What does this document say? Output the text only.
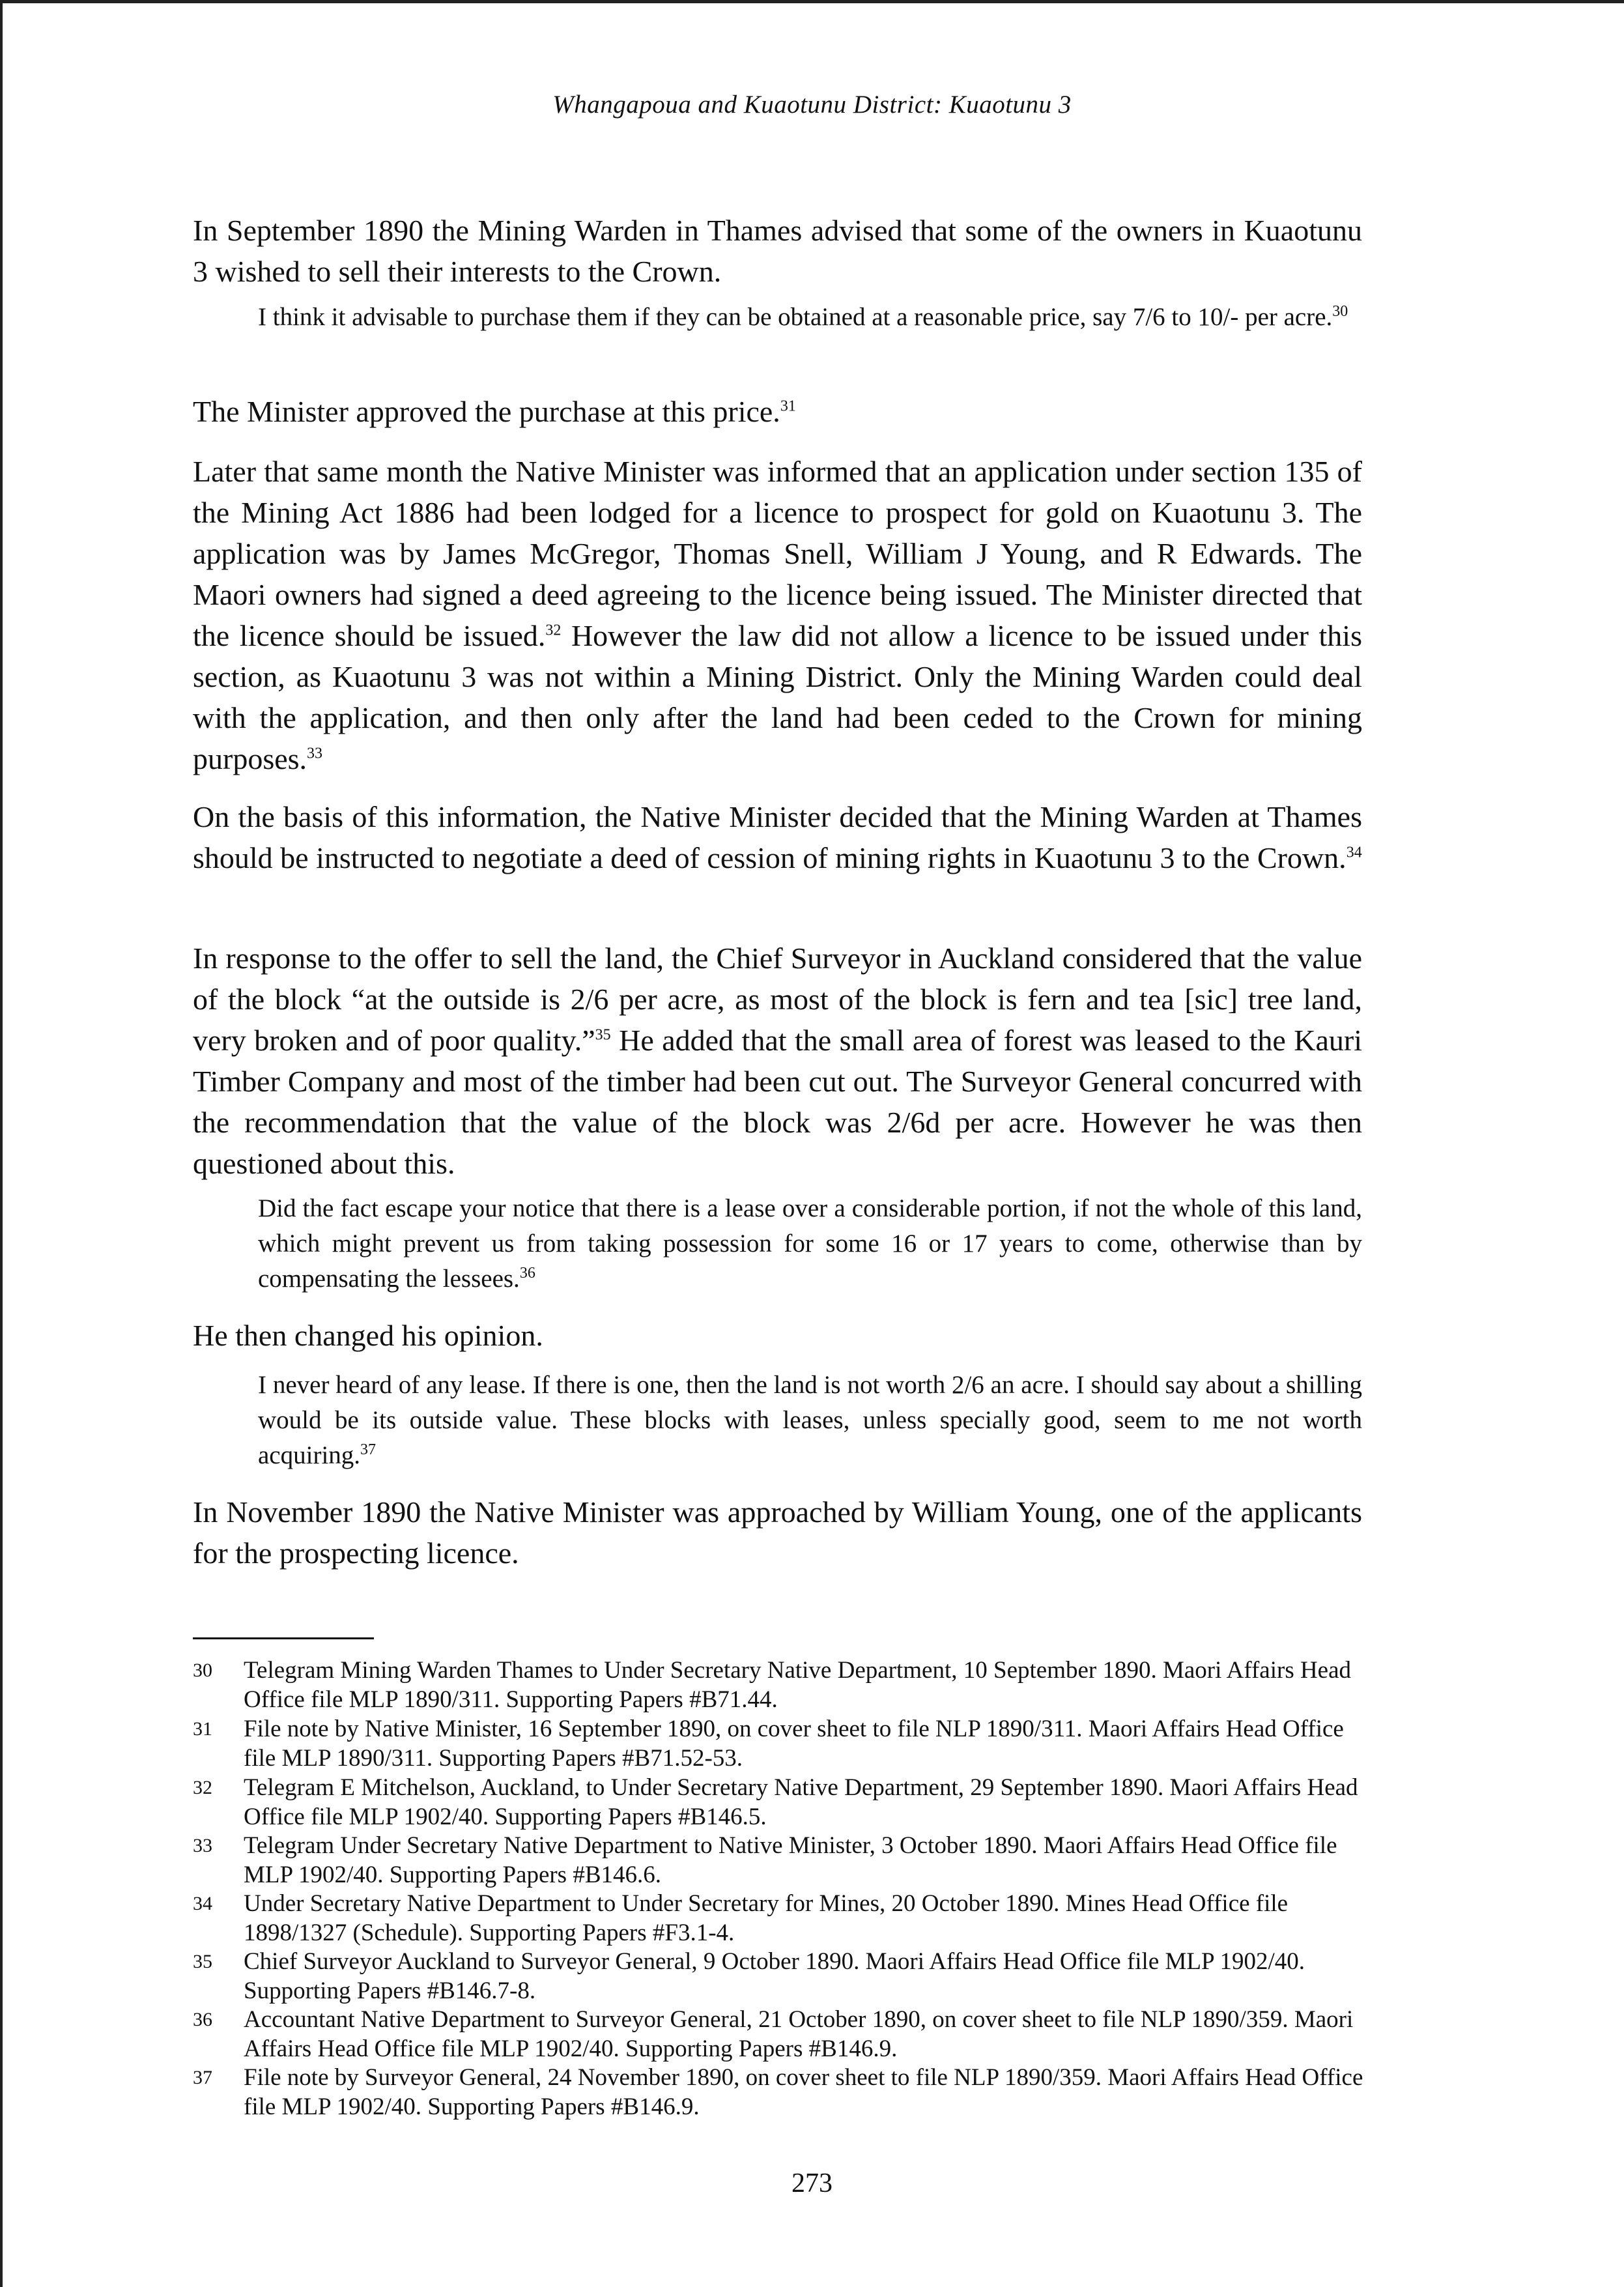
Whangapoua and Kuaotunu District: Kuaotunu 3

In September 1890 the Mining Warden in Thames advised that some of the owners in Kuaotunu 3 wished to sell their interests to the Crown.

I think it advisable to purchase them if they can be obtained at a reasonable price, say 7/6 to 10/- per acre.$^{30}$

The Minister approved the purchase at this price.$^{31}$

Later that same month the Native Minister was informed that an application under section 135 of the Mining Act 1886 had been lodged for a licence to prospect for gold on Kuaotunu 3. The application was by James McGregor, Thomas Snell, William J Young, and R Edwards. The Maori owners had signed a deed agreeing to the licence being issued. The Minister directed that the licence should be issued.$^{32}$ However the law did not allow a licence to be issued under this section, as Kuaotunu 3 was not within a Mining District. Only the Mining Warden could deal with the application, and then only after the land had been ceded to the Crown for mining purposes.$^{33}$

On the basis of this information, the Native Minister decided that the Mining Warden at Thames should be instructed to negotiate a deed of cession of mining rights in Kuaotunu 3 to the Crown.$^{34}$

In response to the offer to sell the land, the Chief Surveyor in Auckland considered that the value of the block “at the outside is 2/6 per acre, as most of the block is fern and tea [sic] tree land, very broken and of poor quality.”$^{35}$ He added that the small area of forest was leased to the Kauri Timber Company and most of the timber had been cut out. The Surveyor General concurred with the recommendation that the value of the block was 2/6d per acre. However he was then questioned about this.

Did the fact escape your notice that there is a lease over a considerable portion, if not the whole of this land, which might prevent us from taking possession for some 16 or 17 years to come, otherwise than by compensating the lessees.$^{36}$

He then changed his opinion.

I never heard of any lease. If there is one, then the land is not worth 2/6 an acre. I should say about a shilling would be its outside value. These blocks with leases, unless specially good, seem to me not worth acquiring.$^{37}$

In November 1890 the Native Minister was approached by William Young, one of the applicants for the prospecting licence.

30 Telegram Mining Warden Thames to Under Secretary Native Department, 10 September 1890. Maori Affairs Head Office file MLP 1890/311. Supporting Papers #B71.44.
31 File note by Native Minister, 16 September 1890, on cover sheet to file NLP 1890/311. Maori Affairs Head Office file MLP 1890/311. Supporting Papers #B71.52-53.
32 Telegram E Mitchelson, Auckland, to Under Secretary Native Department, 29 September 1890. Maori Affairs Head Office file MLP 1902/40. Supporting Papers #B146.5.
33 Telegram Under Secretary Native Department to Native Minister, 3 October 1890. Maori Affairs Head Office file MLP 1902/40. Supporting Papers #B146.6.
34 Under Secretary Native Department to Under Secretary for Mines, 20 October 1890. Mines Head Office file 1898/1327 (Schedule). Supporting Papers #F3.1-4.
35 Chief Surveyor Auckland to Surveyor General, 9 October 1890. Maori Affairs Head Office file MLP 1902/40. Supporting Papers #B146.7-8.
36 Accountant Native Department to Surveyor General, 21 October 1890, on cover sheet to file NLP 1890/359. Maori Affairs Head Office file MLP 1902/40. Supporting Papers #B146.9.
37 File note by Surveyor General, 24 November 1890, on cover sheet to file NLP 1890/359. Maori Affairs Head Office file MLP 1902/40. Supporting Papers #B146.9.
273
